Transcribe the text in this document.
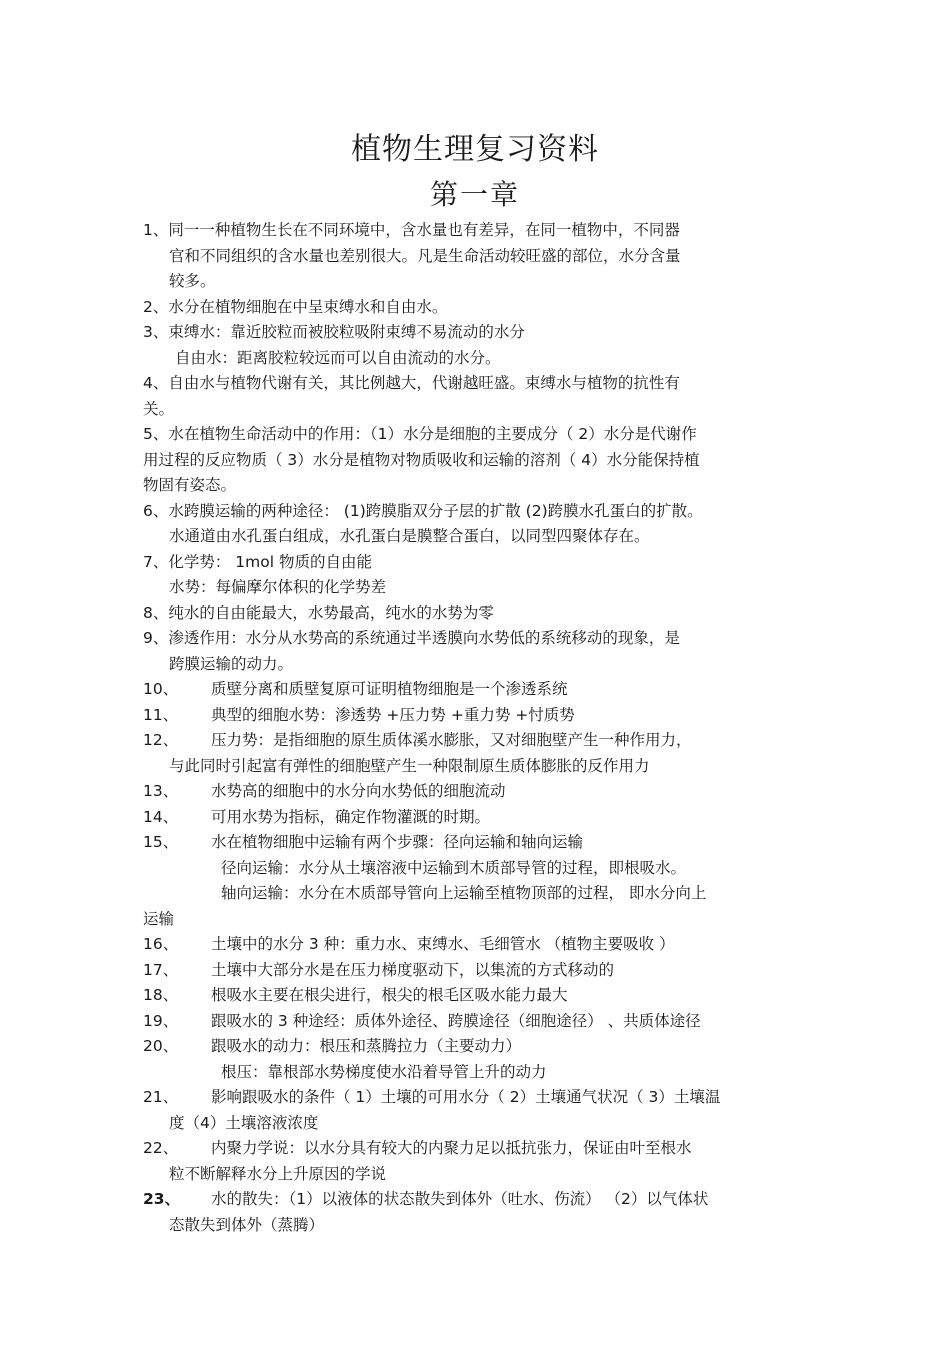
植物生理复习资料
第一章
1、同一一种植物生长在不同环境中，含水量也有差异，在同一植物中，不同器
官和不同组织的含水量也差别很大。凡是生命活动较旺盛的部位，水分含量
较多。
2、水分在植物细胞在中呈束缚水和自由水。
3、束缚水：靠近胶粒而被胶粒吸附束缚不易流动的水分
自由水：距离胶粒较远而可以自由流动的水分。
4、自由水与植物代谢有关，其比例越大，代谢越旺盛。束缚水与植物的抗性有
关。
5、水在植物生命活动中的作用：（1）水分是细胞的主要成分（ 2）水分是代谢作
用过程的反应物质（ 3）水分是植物对物质吸收和运输的溶剂（ 4）水分能保持植
物固有姿态。
6、水跨膜运输的两种途径： (1)跨膜脂双分子层的扩散 (2)跨膜水孔蛋白的扩散。
水通道由水孔蛋白组成，水孔蛋白是膜整合蛋白，以同型四聚体存在。
7、化学势： 1mol 物质的自由能
水势：每偏摩尔体积的化学势差
8、纯水的自由能最大，水势最高，纯水的水势为零
9、渗透作用：水分从水势高的系统通过半透膜向水势低的系统移动的现象，是
跨膜运输的动力。
10、 质壁分离和质壁复原可证明植物细胞是一个渗透系统
11、 典型的细胞水势：渗透势 +压力势 +重力势 +忖质势
12、 压力势：是指细胞的原生质体溪水膨胀，又对细胞壁产生一种作用力，
与此同时引起富有弹性的细胞壁产生一种限制原生质体膨胀的反作用力
13、 水势高的细胞中的水分向水势低的细胞流动
14、 可用水势为指标，确定作物灌溉的时期。
15、 水在植物细胞中运输有两个步骤：径向运输和轴向运输
径向运输：水分从土壤溶液中运输到木质部导管的过程，即根吸水。
轴向运输：水分在木质部导管向上运输至植物顶部的过程， 即水分向上
运输
16、 土壤中的水分 3 种：重力水、束缚水、毛细管水 （植物主要吸收 ）
17、 土壤中大部分水是在压力梯度驱动下，以集流的方式移动的
18、 根吸水主要在根尖进行，根尖的根毛区吸水能力最大
19、 跟吸水的 3 种途经：质体外途径、跨膜途径（细胞途径） 、共质体途径
20、 跟吸水的动力：根压和蒸腾拉力（主要动力）
根压：靠根部水势梯度使水沿着导管上升的动力
21、 影响跟吸水的条件（ 1）土壤的可用水分（ 2）土壤通气状况（ 3）土壤温
度（4）土壤溶液浓度
22、 内聚力学说：以水分具有较大的内聚力足以抵抗张力，保证由叶至根水
粒不断解释水分上升原因的学说
23、 水的散失：（1）以液体的状态散失到体外（吐水、伤流） （2）以气体状
态散失到体外（蒸腾）
